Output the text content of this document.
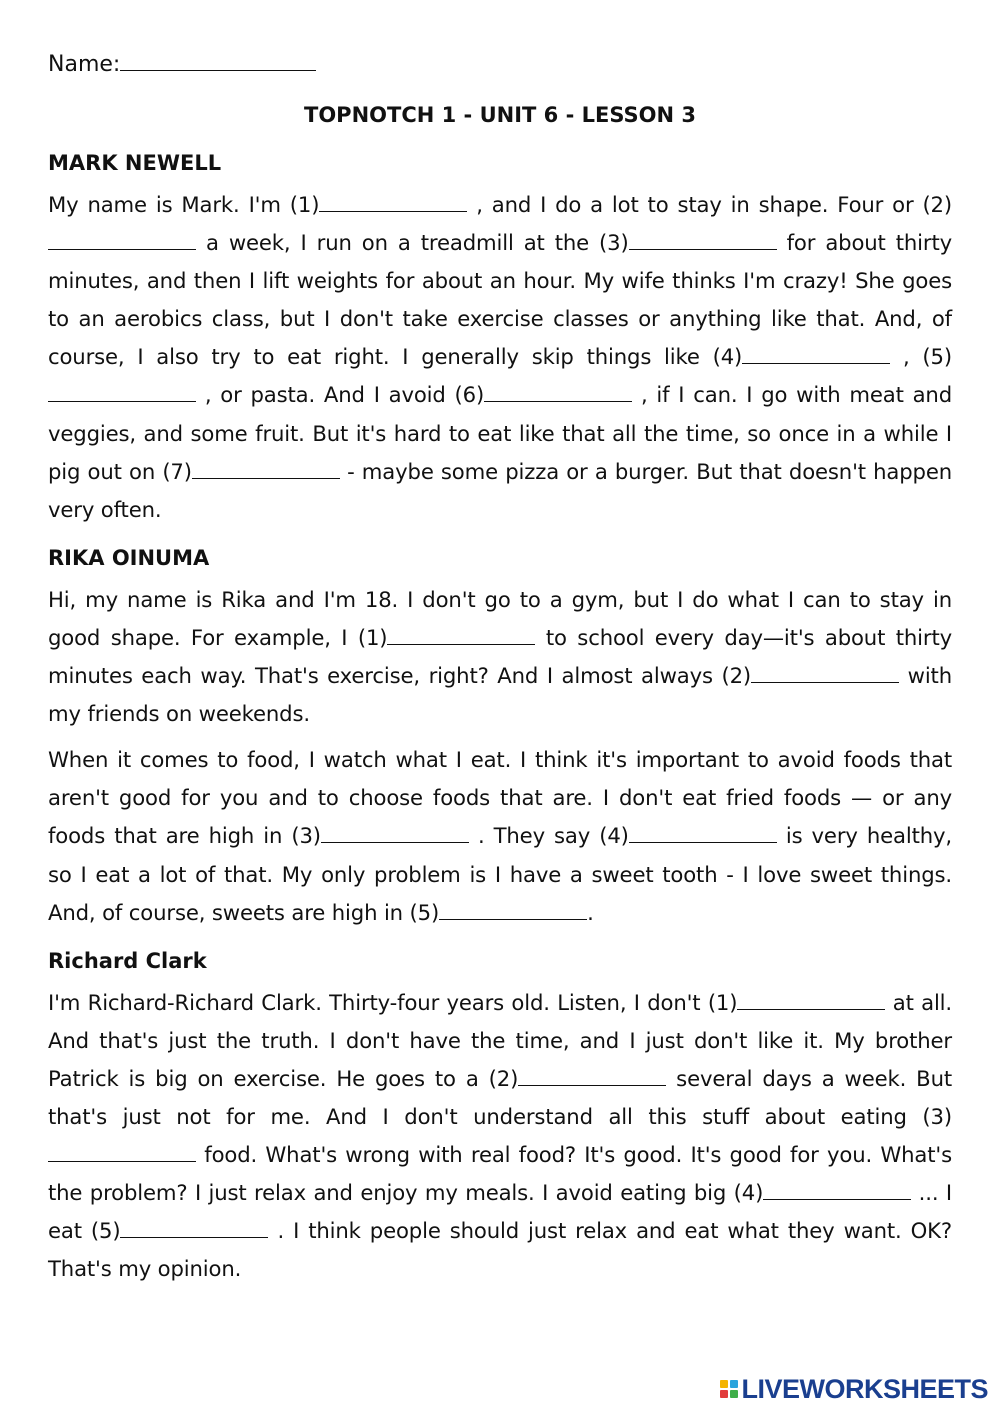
Name:
TOPNOTCH 1 - UNIT 6 - LESSON 3
MARK NEWELL

My name is Mark. I'm (1)	, and I do a lot to stay in shape. Four or (2) a week, I run on a treadmill at the (3)	for about thirty minutes, and then I lift weights for about an hour. My wife thinks I'm crazy! She goes to an aerobics class, but I don't take exercise classes or anything like that. And, of course, I also try to eat right. I generally skip things like (4)	, (5) , or pasta. And I avoid (6)	, if I can. I go with meat and veggies, and some fruit. But it's hard to eat like that all the time, so once in a while I pig out on (7)	- maybe some pizza or a burger. But that doesn't happen very often.

RIKA OINUMA

Hi, my name is Rika and I'm 18. I don't go to a gym, but I do what I can to stay in good shape. For example, I (1)	to school every day—it's about thirty minutes each way. That's exercise, right? And I almost always (2)	with my friends on weekends.

When it comes to food, I watch what I eat. I think it's important to avoid foods that aren't good for you and to choose foods that are. I don't eat fried foods — or any foods that are high in (3)	. They say (4)	is very healthy, so I eat a lot of that. My only problem is I have a sweet tooth - I love sweet things. And, of course, sweets are high in (5)	.

Richard Clark

I'm Richard-Richard Clark. Thirty-four years old. Listen, I don't (1)	at all. And that's just the truth. I don't have the time, and I just don't like it. My brother Patrick is big on exercise. He goes to a (2)	several days a week. But that's just not for me. And I don't understand all this stuff about eating (3) food. What's wrong with real food? It's good. It's good for you. What's the problem? I just relax and enjoy my meals. I avoid eating big (4)	... I eat (5)	. I think people should just relax and eat what they want. OK? That's my opinion.

LIVEWORKSHEETS
